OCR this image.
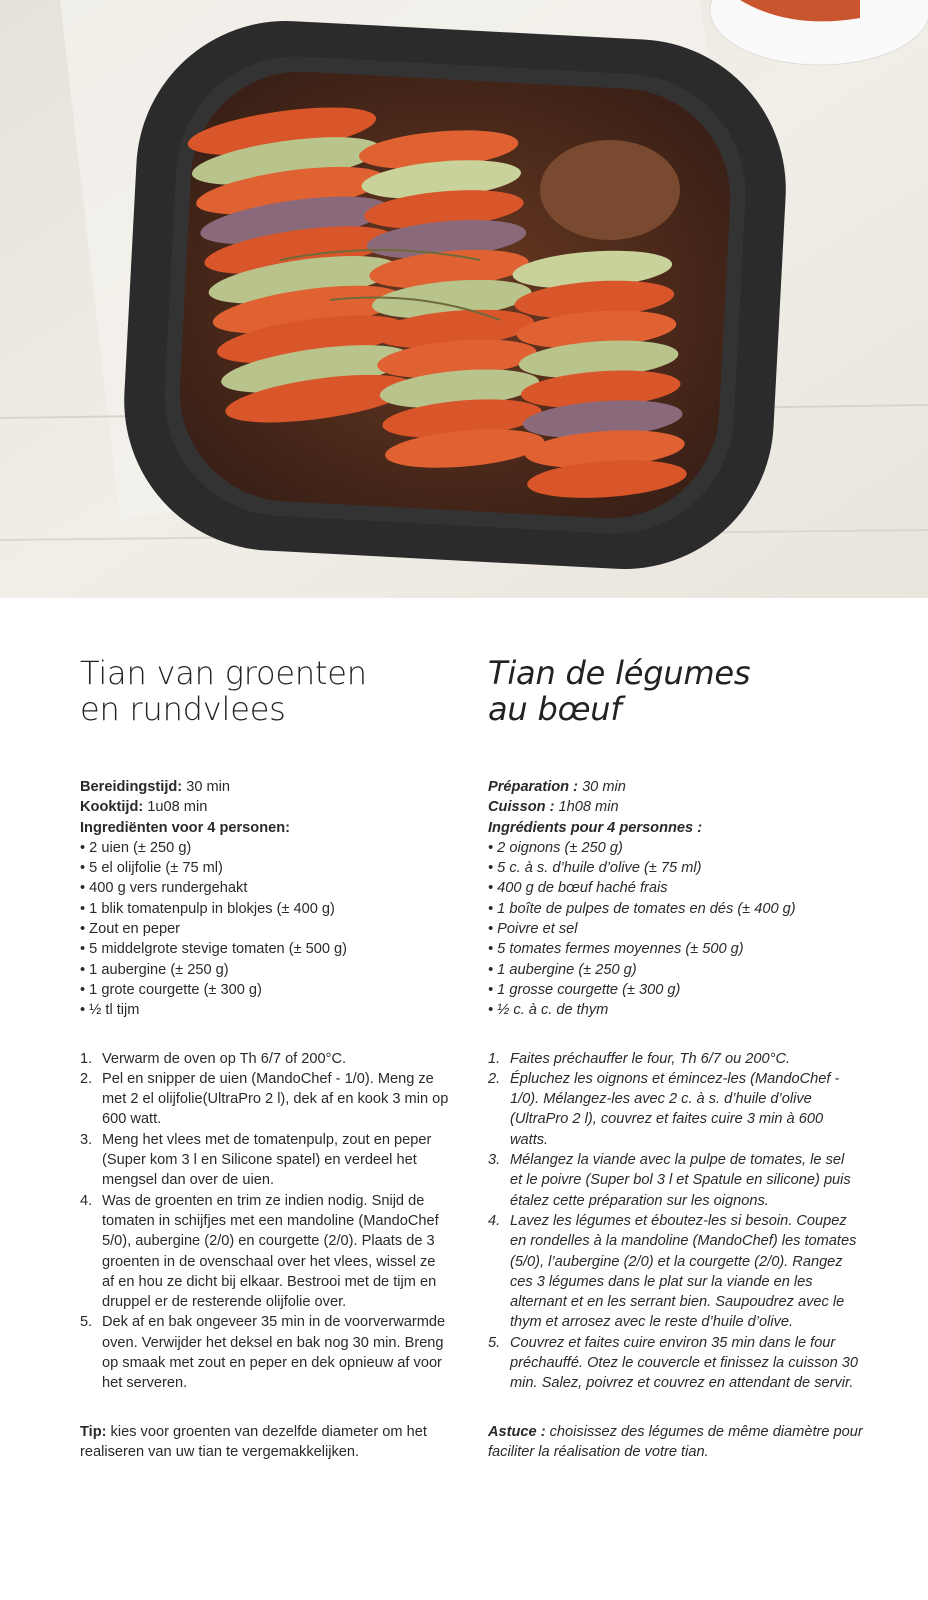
Tian van groenten
en rundvlees
Bereidingstijd: 30 min
Kooktijd: 1u08 min
Ingrediënten voor 4 personen:
• 2 uien (± 250 g)
• 5 el olijfolie (± 75 ml)
• 400 g vers rundergehakt
• 1 blik tomatenpulp in blokjes (± 400 g)
• Zout en peper
• 5 middelgrote stevige tomaten (± 500 g)
• 1 aubergine (± 250 g)
• 1 grote courgette (± 300 g)
• ½ tl tijm
1. Verwarm de oven op Th 6/7 of 200°C.
2. Pel en snipper de uien (MandoChef - 1/0). Meng ze met 2 el olijfolie(UltraPro 2 l), dek af en kook 3 min op 600 watt.
3. Meng het vlees met de tomatenpulp, zout en peper (Super kom 3 l en Silicone spatel) en verdeel het mengsel dan over de uien.
4. Was de groenten en trim ze indien nodig. Snijd de tomaten in schijfjes met een mandoline (MandoChef 5/0), aubergine (2/0) en courgette (2/0). Plaats de 3 groenten in de ovenschaal over het vlees, wissel ze af en hou ze dicht bij elkaar. Bestrooi met de tijm en druppel er de resterende olijfolie over.
5. Dek af en bak ongeveer 35 min in de voorverwarmde oven. Verwijder het deksel en bak nog 30 min. Breng op smaak met zout en peper en dek opnieuw af voor het serveren.
Tip: kies voor groenten van dezelfde diameter om het realiseren van uw tian te vergemakkelijken.
Tian de légumes
au bœuf
Préparation : 30 min
Cuisson : 1h08 min
Ingrédients pour 4 personnes :
• 2 oignons (± 250 g)
• 5 c. à s. d’huile d’olive (± 75 ml)
• 400 g de bœuf haché frais
• 1 boîte de pulpes de tomates en dés (± 400 g)
• Poivre et sel
• 5 tomates fermes moyennes (± 500 g)
• 1 aubergine (± 250 g)
• 1 grosse courgette (± 300 g)
• ½ c. à c. de thym
1. Faites préchauffer le four, Th 6/7 ou 200°C.
2. Épluchez les oignons et émincez-les (MandoChef - 1/0). Mélangez-les avec 2 c. à s. d’huile d’olive (UltraPro 2 l), couvrez et faites cuire 3 min à 600 watts.
3. Mélangez la viande avec la pulpe de tomates, le sel et le poivre (Super bol 3 l et Spatule en silicone) puis étalez cette préparation sur les oignons.
4. Lavez les légumes et éboutez-les si besoin. Coupez en rondelles à la mandoline (MandoChef) les tomates (5/0), l’aubergine (2/0) et la courgette (2/0). Rangez ces 3 légumes dans le plat sur la viande en les alternant et en les serrant bien. Saupoudrez avec le thym et arrosez avec le reste d’huile d’olive.
5. Couvrez et faites cuire environ 35 min dans le four préchauffé. Otez le couvercle et finissez la cuisson 30 min. Salez, poivrez et couvrez en attendant de servir.
Astuce : choisissez des légumes de même diamètre pour faciliter la réalisation de votre tian.
